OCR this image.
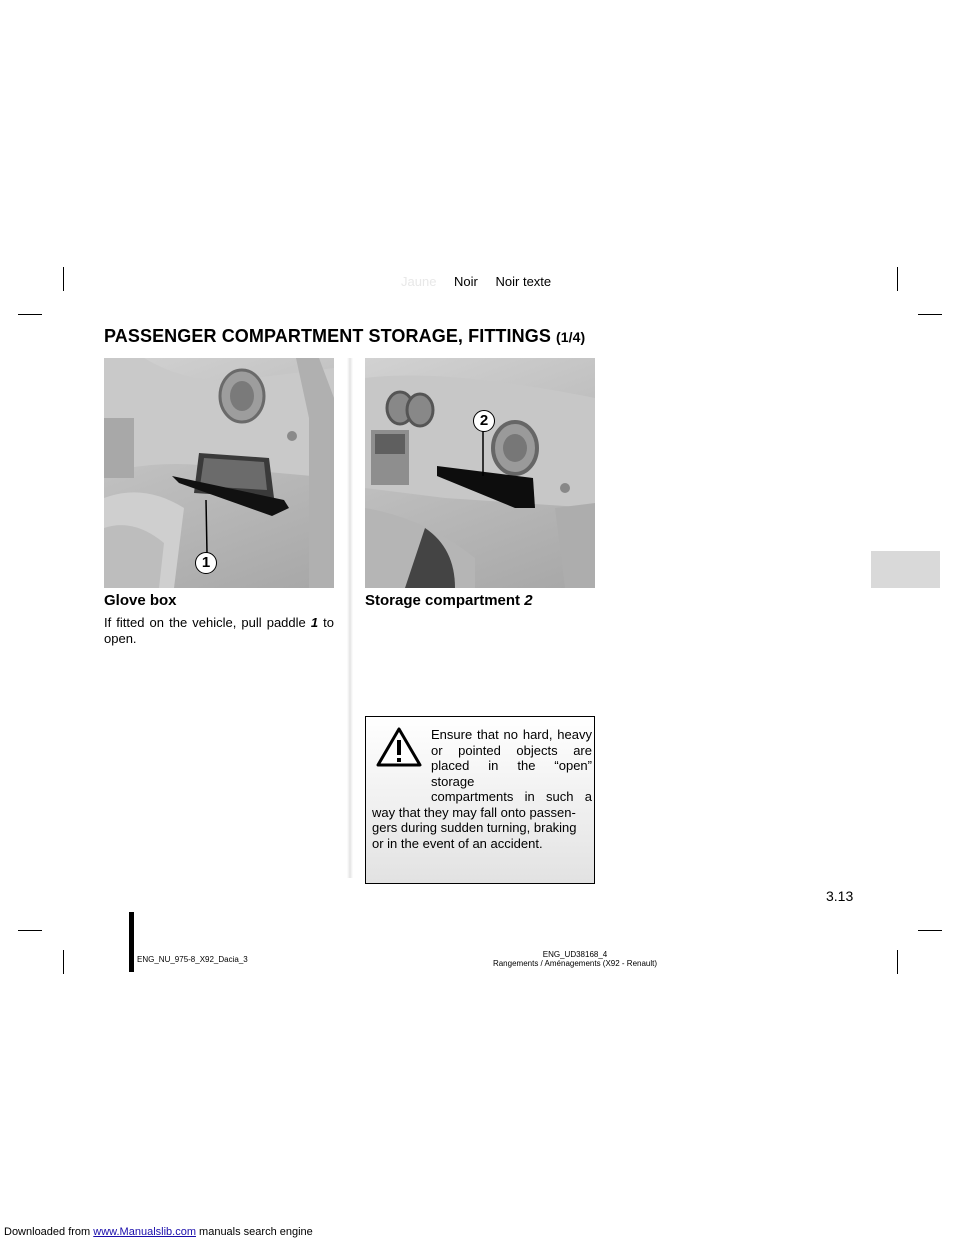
Jaune Noir Noir texte
PASSENGER COMPARTMENT STORAGE, FITTINGS (1/4)
1
2
Glove box
If fitted on the vehicle, pull paddle 1 to open.
Storage compartment 2
Ensure that no hard, heavy
or pointed objects are
placed in the “open” storage
compartments in such a
way that they may fall onto passen-
gers during sudden turning, braking
or in the event of an accident.
3.13
ENG_NU_975-8_X92_Dacia_3
ENG_UD38168_4
Rangements / Aménagements (X92 - Renault)
Downloaded from www.Manualslib.com manuals search engine
